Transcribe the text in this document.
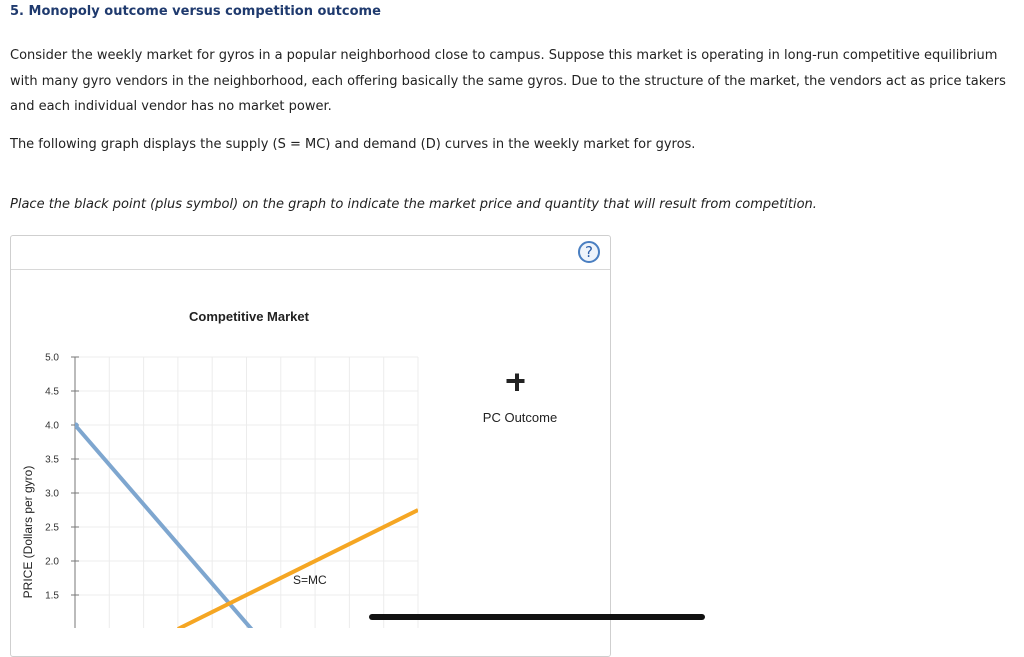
5. Monopoly outcome versus competition outcome
Consider the weekly market for gyros in a popular neighborhood close to campus. Suppose this market is operating in long-run competitive equilibrium with many gyro vendors in the neighborhood, each offering basically the same gyros. Due to the structure of the market, the vendors act as price takers and each individual vendor has no market power.
The following graph displays the supply (S = MC) and demand (D) curves in the weekly market for gyros.
Place the black point (plus symbol) on the graph to indicate the market price and quantity that will result from competition.
?
Competitive Market
5.0
4.5
4.0
3.5
3.0
2.5
2.0
1.5
PRICE (Dollars per gyro)	S=MC
PC Outcome
